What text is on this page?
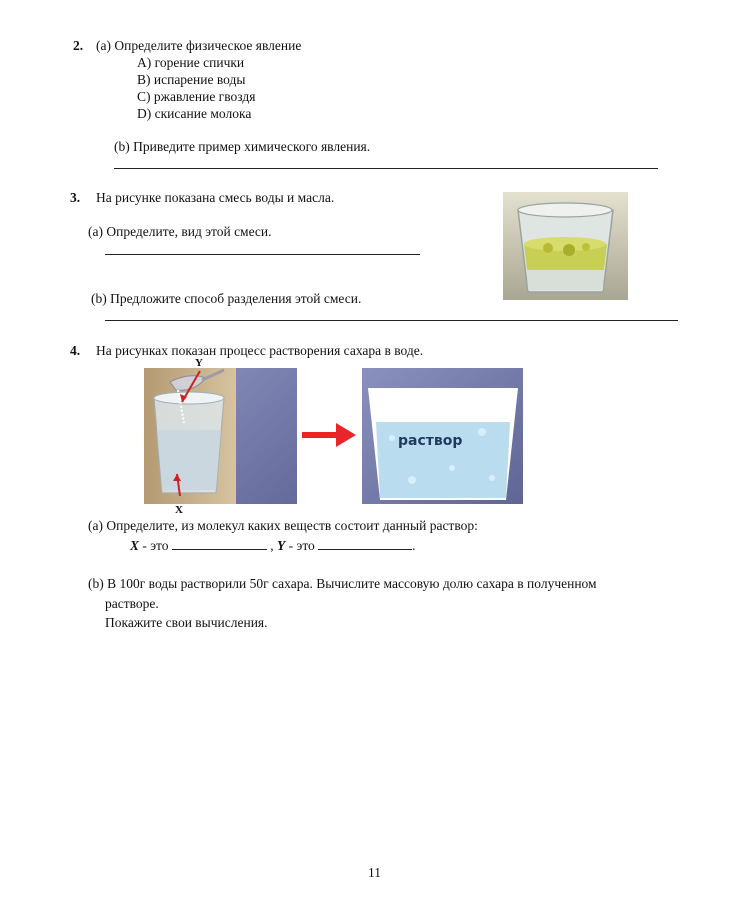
2. (a) Определите физическое явление
A) горение спички
B) испарение воды
C) ржавление гвоздя
D) скисание молока
(b) Приведите пример химического явления.
3. На рисунке показана смесь воды и масла.
(a) Определите, вид этой смеси.
(b) Предложите способ разделения этой смеси.
4. На рисунках показан процесс растворения сахара в воде.
Y
X
раствор
(a) Определите, из молекул каких веществ состоит данный раствор:
X - это	, Y - это	.
(b) В 100г воды растворили 50г сахара. Вычислите массовую долю сахара в полученном
растворе.
Покажите свои вычисления.
11
